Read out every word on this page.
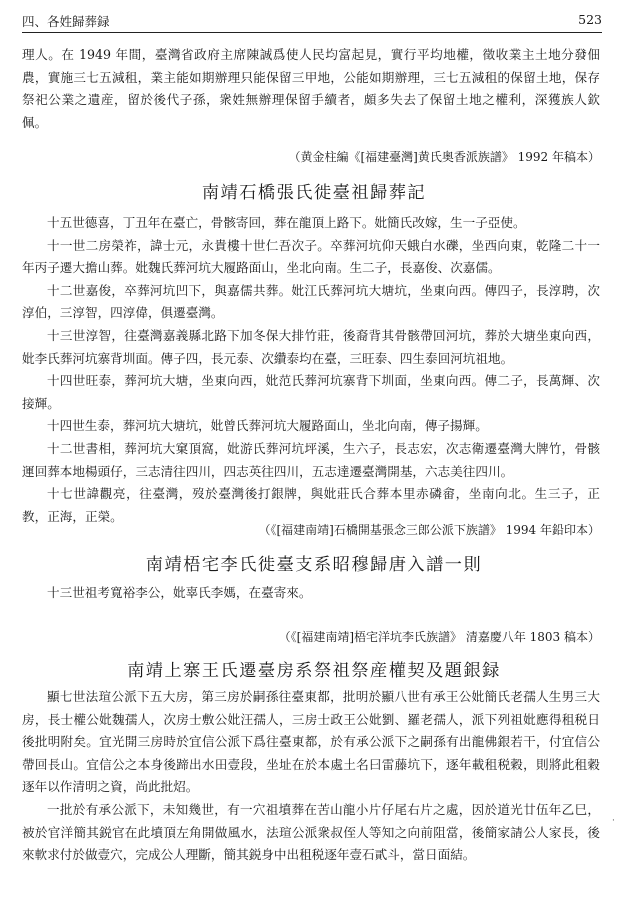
四、各姓歸葬録	523

理人。在 1949 年間，臺灣省政府主席陳誠爲使人民均富起見，實行平均地權，徵收業主土地分發佃農，實施三七五減租，業主能如期辦理只能保留三甲地，公能如期辦理，三七五減租的保留土地，保存祭祀公業之遺産，留於後代子孫，衆姓無辦理保留手續者，頗多失去了保留土地之權利，深獲族人欽佩。

（黄金柱編《[福建臺灣]黄氏奥香派族譜》 1992 年稿本）
南靖石橋張氏徙臺祖歸葬記

十五世德喜，丁丑年在臺亡，骨骸寄回，葬在龍頂上路下。妣簡氏改嫁，生一子亞使。

十一世二房榮祚，諱士元，永貴樓十世仁吾次子。卒葬河坑仰天蛾白水礫，坐西向東，乾隆二十一年丙子遷大擔山葬。妣魏氏葬河坑大履路面山，坐北向南。生二子，長嘉俊、次嘉儒。

十二世嘉俊，卒葬河坑凹下，與嘉儒共葬。妣江氏葬河坑大塘坑，坐東向西。傳四子，長淳聘，次淳伯，三淳智，四淳偉，俱遷臺灣。

十三世淳智，往臺灣嘉義縣北路下加冬保大排竹莊，後裔背其骨骸帶回河坑，葬於大塘坐東向西，妣李氏葬河坑寨背圳面。傳子四，長元泰、次纘泰均在臺，三旺泰、四生泰回河坑祖地。

十四世旺泰，葬河坑大塘，坐東向西，妣范氏葬河坑寨背下圳面，坐東向西。傳二子，長萬輝、次接輝。

十四世生泰，葬河坑大塘坑，妣曾氏葬河坑大履路面山，坐北向南，傳子揚輝。

十二世書相，葬河坑大窠頂窩，妣游氏葬河坑坪溪，生六子，長志宏，次志衛遷臺灣大牌竹，骨骸運回葬本地楊頭仔，三志清往四川，四志英往四川，五志達遷臺灣開基，六志美往四川。

十七世諱觀亮，往臺灣，歿於臺灣後打銀牌，與妣莊氏合葬本里赤磷畲，坐南向北。生三子，正教，正海，正榮。

（《[福建南靖]石橋開基張念三郎公派下族譜》 1994 年鉛印本）
南靖梧宅李氏徙臺支系昭穆歸唐入譜一則

十三世祖考寬裕李公，妣辜氏李媽，在臺寄來。

（《[福建南靖]梧宅洋坑李氏族譜》 清嘉慶八年 1803 稿本）
南靖上寨王氏遷臺房系祭祖祭産權契及題銀録

顯七世法瑄公派下五大房，第三房於嗣孫往臺東都，批明於顯八世有承王公妣簡氏老孺人生男三大房，長士權公妣魏孺人，次房士敷公妣汪孺人，三房士政王公妣劉、羅老孺人，派下列祖妣應得租税日後批明附矣。宜光開三房時於宜信公派下爲往臺東都，於有承公派下之嗣孫有出龍佛銀若干，付宜信公帶回長山。宜信公之本身後蹄出水田壹段，坐址在於本處土名曰雷藤坑下，逐年載租税穀，則將此租穀逐年以作清明之資，尚此批炤。

一批於有承公派下，未知幾世，有一穴祖墳葬在苦山龍小片仔尾右片之處，因於道光廿伍年乙巳，被於官洋簡其鋭官在此墳頂左角開做風水，法瑄公派衆叔侄人等知之向前阻當，後簡家請公人家長，後來軟求付於做壹穴，完成公人理斷，簡其鋭身中出租税逐年壹石貳斗，當日面結。

·
